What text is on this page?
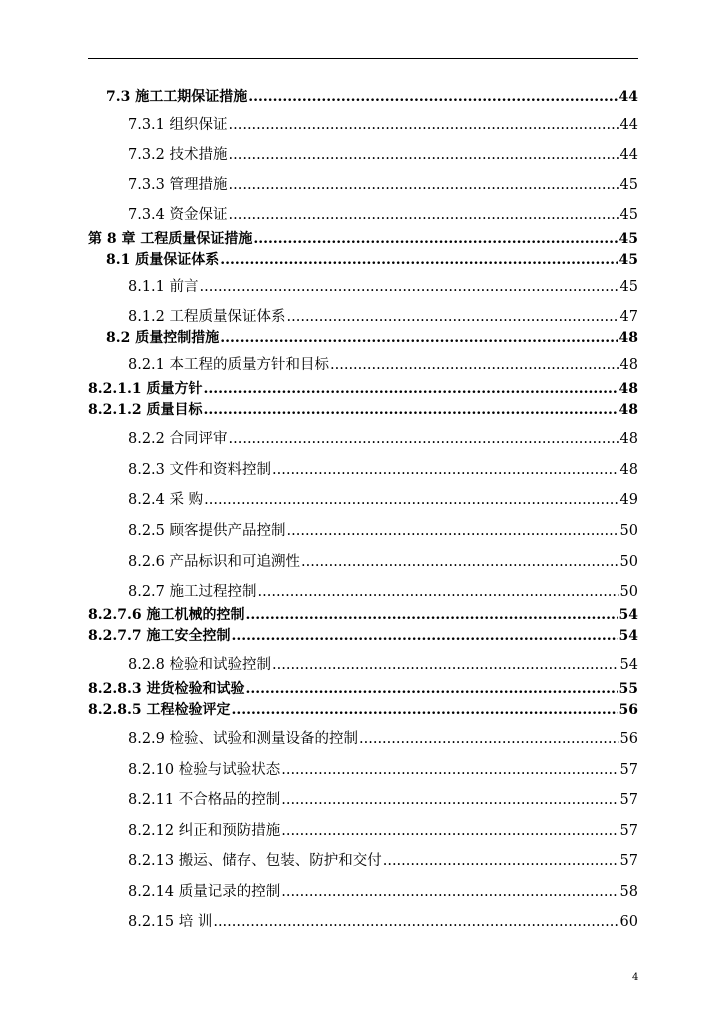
7.3 施工工期保证措施 .....	44
7.3.1 组织保证 .....	44
7.3.2 技术措施 .....	44
7.3.3 管理措施 .....	45
7.3.4 资金保证 .....	45
第 8 章 工程质量保证措施 .....	45
8.1 质量保证体系 .....	45
8.1.1 前言 .....	45
8.1.2 工程质量保证体系 .....	47
8.2 质量控制措施 .....	48
8.2.1 本工程的质量方针和目标 .....	48
8.2.1.1 质量方针 .....	48
8.2.1.2 质量目标 .....	48
8.2.2 合同评审 .....	48
8.2.3 文件和资料控制 .....	48
8.2.4 采 购 .....	49
8.2.5 顾客提供产品控制 .....	50
8.2.6 产品标识和可追溯性 .....	50
8.2.7 施工过程控制 .....	50
8.2.7.6 施工机械的控制 .....	54
8.2.7.7 施工安全控制 .....	54
8.2.8 检验和试验控制 .....	54
8.2.8.3 进货检验和试验 .....	55
8.2.8.5 工程检验评定 .....	56
8.2.9 检验、试验和测量设备的控制 .....	56
8.2.10 检验与试验状态 .....	57
8.2.11 不合格品的控制 .....	57
8.2.12 纠正和预防措施 .....	57
8.2.13 搬运、储存、包装、防护和交付 .....	57
8.2.14 质量记录的控制 .....	58
8.2.15 培 训 .....	60
4
